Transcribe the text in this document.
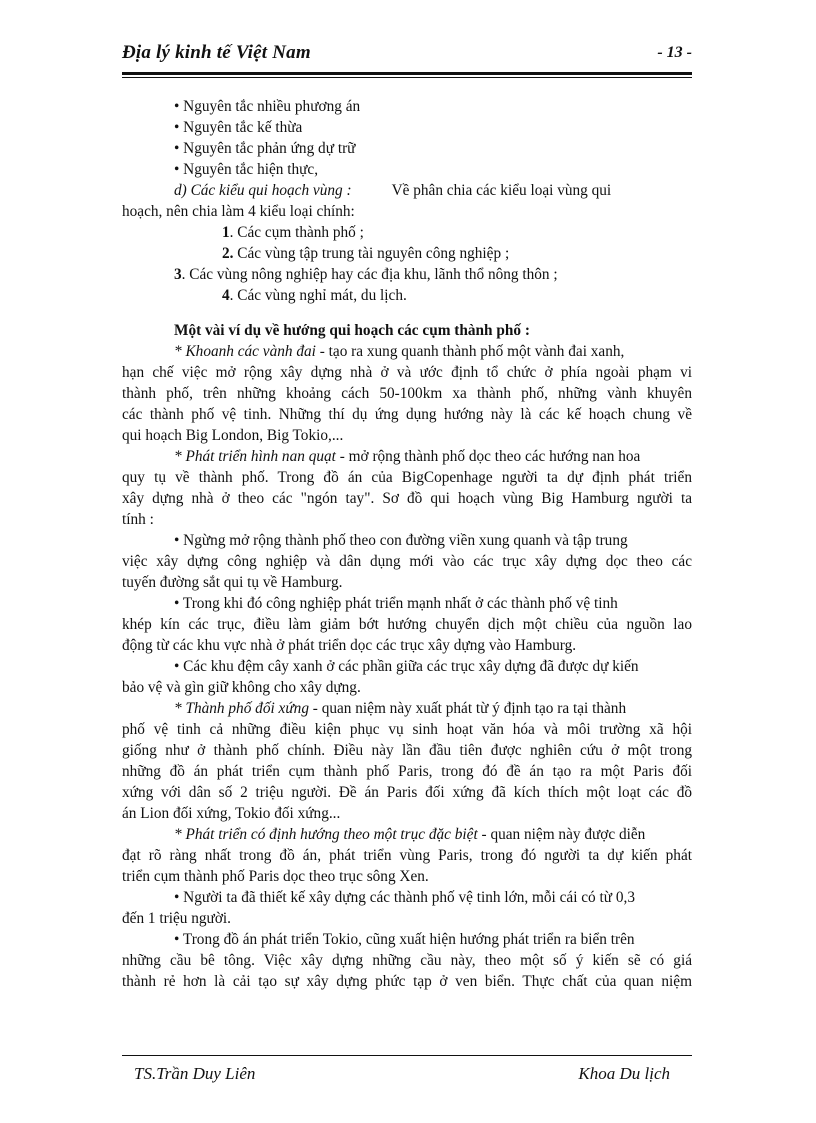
Địa lý kinh tế Việt Nam	- 13 -
• Nguyên tắc nhiều phương án
• Nguyên tắc kế thừa
• Nguyên tắc phản ứng dự trữ
• Nguyên tắc hiện thực,
d) Các kiểu qui hoạch vùng :	Về phân chia các kiểu loại vùng qui
hoạch, nên chia làm 4 kiểu loại chính:
1. Các cụm thành phố ;
2. Các vùng tập trung tài nguyên công nghiệp ;
3. Các vùng nông nghiệp hay các địa khu, lãnh thổ nông thôn ;
4. Các vùng nghỉ mát, du lịch.
Một vài ví dụ về hướng qui hoạch các cụm thành phố :
* Khoanh các vành đai - tạo ra xung quanh thành phố một vành đai xanh,
hạn chế việc mở rộng xây dựng nhà ở và ước định tổ chức ở phía ngoài phạm vi
thành phố, trên những khoảng cách 50-100km xa thành phố, những vành khuyên
các thành phố vệ tinh. Những thí dụ ứng dụng hướng này là các kế hoạch chung về
qui hoạch Big London, Big Tokio,...
* Phát triển hình nan quạt - mở rộng thành phố dọc theo các hướng nan hoa
quy tụ về thành phố. Trong đồ án của BigCopenhage người ta dự định phát triển
xây dựng nhà ở theo các "ngón tay". Sơ đồ qui hoạch vùng Big Hamburg người ta
tính :
• Ngừng mở rộng thành phố theo con đường viền xung quanh và tập trung
việc xây dựng công nghiệp và dân dụng mới vào các trục xây dựng dọc theo các
tuyến đường sắt qui tụ về Hamburg.
• Trong khi đó công nghiệp phát triển mạnh nhất ở các thành phố vệ tinh
khép kín các trục, điều làm giảm bớt hướng chuyển dịch một chiều của nguồn lao
động từ các khu vực nhà ở phát triển dọc các trục xây dựng vào Hamburg.
• Các khu đệm cây xanh ở các phần giữa các trục xây dựng đã được dự kiến
bảo vệ và gìn giữ không cho xây dựng.
* Thành phố đối xứng - quan niệm này xuất phát từ ý định tạo ra tại thành
phố vệ tinh cả những điều kiện phục vụ sinh hoạt văn hóa và môi trường xã hội
giống như ở thành phố chính. Điều này lần đầu tiên được nghiên cứu ở một trong
những đồ án phát triển cụm thành phố Paris, trong đó đề án tạo ra một Paris đối
xứng với dân số 2 triệu người. Đề án Paris đối xứng đã kích thích một loạt các đồ
án Lion đối xứng, Tokio đối xứng...
* Phát triển có định hướng theo một trục đặc biệt - quan niệm này được diễn
đạt rõ ràng nhất trong đồ án, phát triển vùng Paris, trong đó người ta dự kiến phát
triển cụm thành phố Paris dọc theo trục sông Xen.
• Người ta đã thiết kế xây dựng các thành phố vệ tinh lớn, mỗi cái có từ 0,3
đến 1 triệu người.
• Trong đồ án phát triển Tokio, cũng xuất hiện hướng phát triển ra biển trên
những cầu bê tông. Việc xây dựng những cầu này, theo một số ý kiến sẽ có giá
thành rẻ hơn là cải tạo sự xây dựng phức tạp ở ven biển. Thực chất của quan niệm
TS.Trần Duy Liên	Khoa Du lịch
